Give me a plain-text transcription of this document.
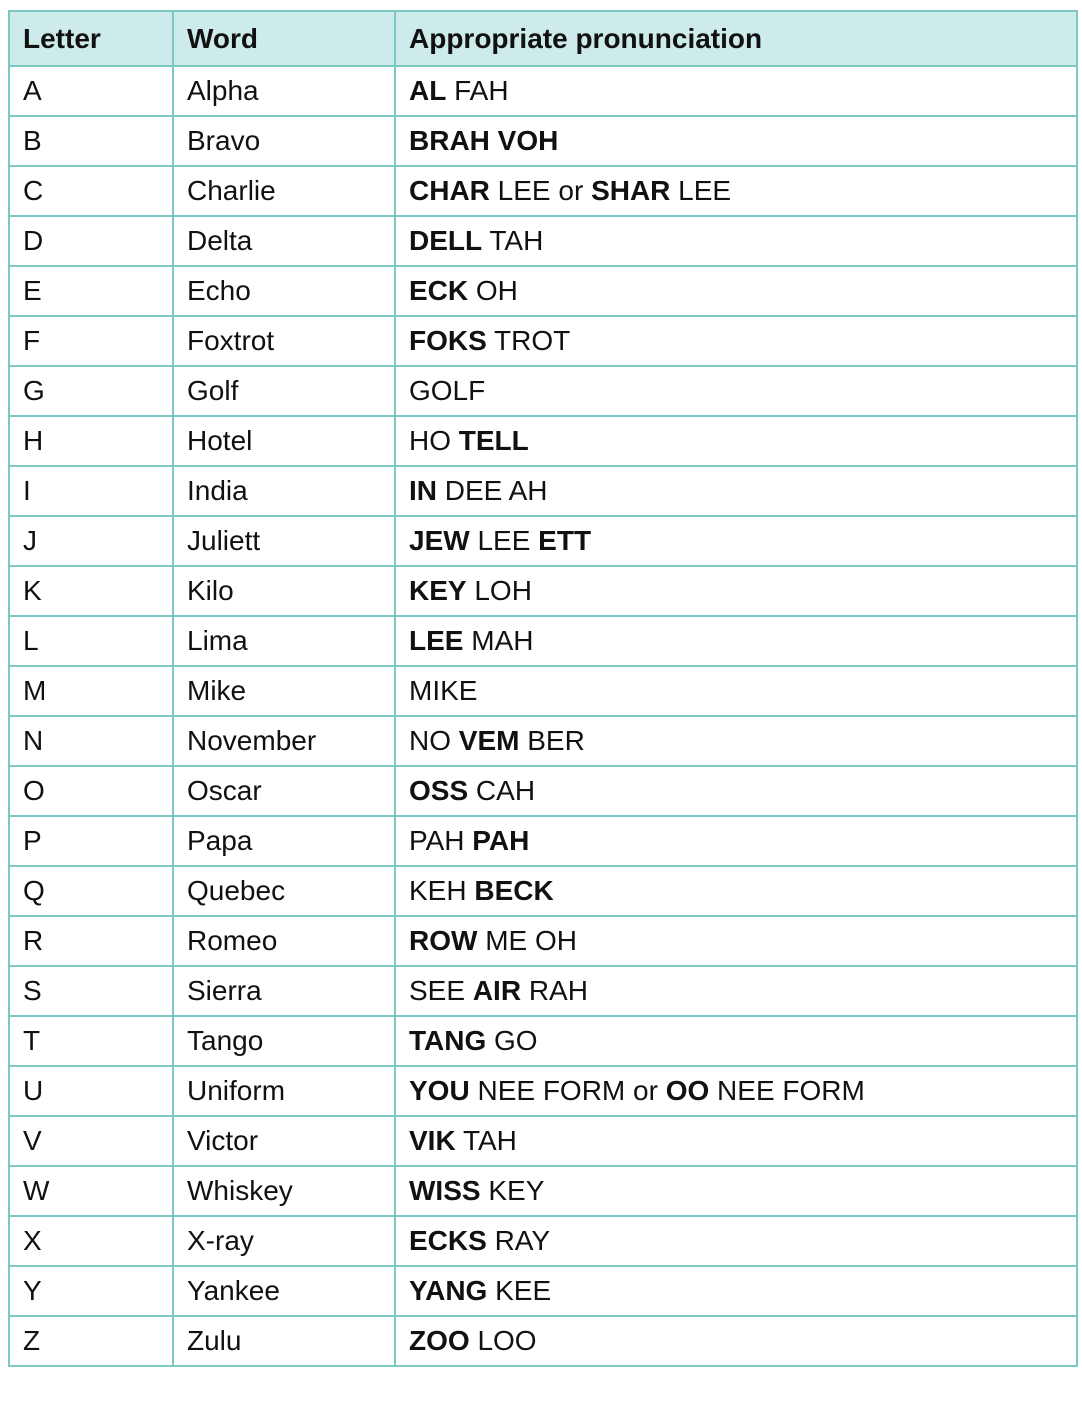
Letter	Word	Appropriate pronunciation
A	Alpha	AL FAH
B	Bravo	BRAH VOH
C	Charlie	CHAR LEE or SHAR LEE
D	Delta	DELL TAH
E	Echo	ECK OH
F	Foxtrot	FOKS TROT
G	Golf	GOLF
H	Hotel	HO TELL
I	India	IN DEE AH
J	Juliett	JEW LEE ETT
K	Kilo	KEY LOH
L	Lima	LEE MAH
M	Mike	MIKE
N	November	NO VEM BER
O	Oscar	OSS CAH
P	Papa	PAH PAH
Q	Quebec	KEH BECK
R	Romeo	ROW ME OH
S	Sierra	SEE AIR RAH
T	Tango	TANG GO
U	Uniform	YOU NEE FORM or OO NEE FORM
V	Victor	VIK TAH
W	Whiskey	WISS KEY
X	X-ray	ECKS RAY
Y	Yankee	YANG KEE
Z	Zulu	ZOO LOO
